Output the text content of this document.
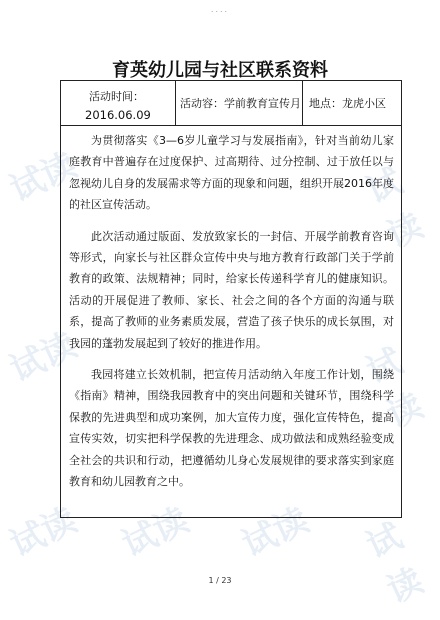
试读	试读
试读	试读
试读 试读 试读 试读
....
育英幼儿园与社区联系资料
活动时间：
2016.06.09
活动容：学前教育宣传月 地点：龙虎小区

为贯彻落实《3—6岁儿童学习与发展指南》，针对当前幼儿家庭教育中普遍存在过度保护、过高期待、过分控制、过于放任以与忽视幼儿自身的发展需求等方面的现象和问题，组织开展2016年度的社区宣传活动。

此次活动通过版面、发放致家长的一封信、开展学前教育咨询等形式，向家长与社区群众宣传中央与地方教育行政部门关于学前教育的政策、法规精神；同时，给家长传递科学育儿的健康知识。活动的开展促进了教师、家长、社会之间的各个方面的沟通与联系，提高了教师的业务素质发展，营造了孩子快乐的成长氛围，对我园的蓬勃发展起到了较好的推进作用。

我园将建立长效机制，把宣传月活动纳入年度工作计划，围绕《指南》精神，围绕我园教育中的突出问题和关键环节，围绕科学保教的先进典型和成功案例，加大宣传力度，强化宣传特色，提高宣传实效，切实把科学保教的先进理念、成功做法和成熟经验变成全社会的共识和行动，把遵循幼儿身心发展规律的要求落实到家庭教育和幼儿园教育之中。

1 / 23
